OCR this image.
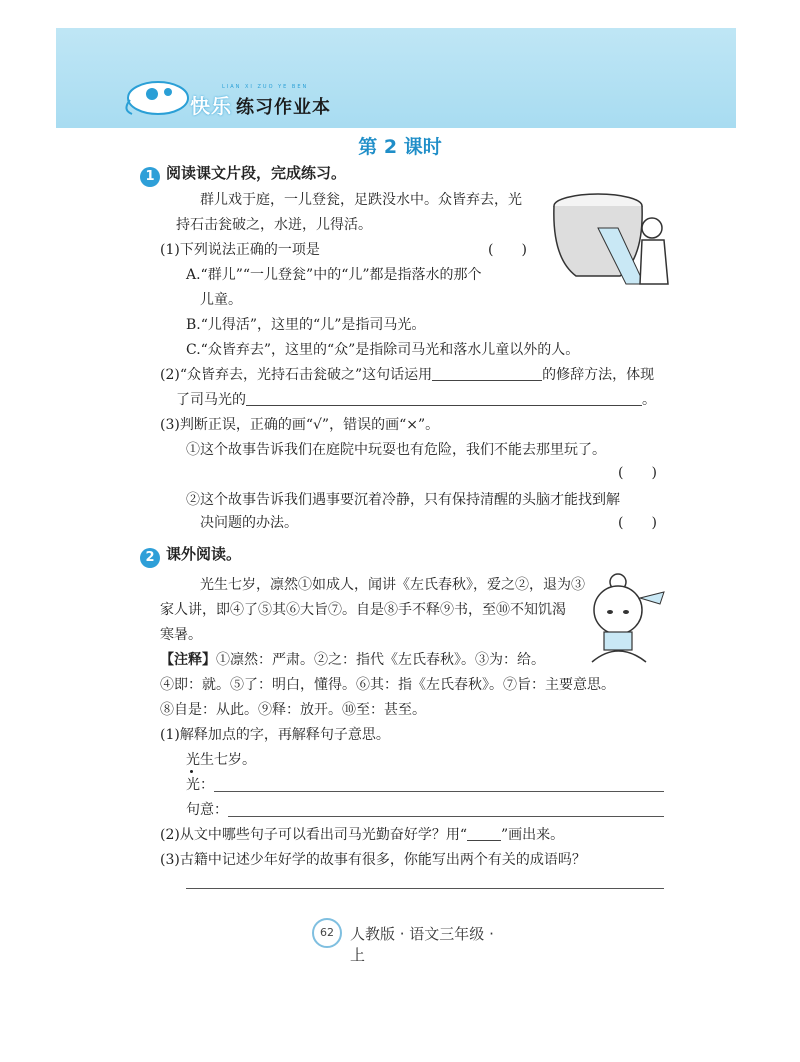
LIAN XI ZUO YE BEN
快乐 练习作业本
第 2 课时
1 阅读课文片段，完成练习。
群儿戏于庭，一儿登瓮，足跌没水中。众皆弃去，光
持石击瓮破之，水迸，儿得活。
(1)下列说法正确的一项是	(　　)
A.“群儿”“一儿登瓮”中的“儿”都是指落水的那个
儿童。
B.“儿得活”，这里的“儿”是指司马光。
C.“众皆弃去”，这里的“众”是指除司马光和落水儿童以外的人。
(2)“众皆弃去，光持石击瓮破之”这句话运用	的修辞方法，体现
了司马光的	。
(3)判断正误，正确的画“√”，错误的画“×”。
①这个故事告诉我们在庭院中玩耍也有危险，我们不能去那里玩了。
(　　)
②这个故事告诉我们遇事要沉着冷静，只有保持清醒的头脑才能找到解
决问题的办法。	(　　)
2 课外阅读。
光生七岁，凛然①如成人，闻讲《左氏春秋》，爱之②，退为③
家人讲，即④了⑤其⑥大旨⑦。自是⑧手不释⑨书，至⑩不知饥渴
寒暑。
【注释】①凛然：严肃。②之：指代《左氏春秋》。③为：给。
④即：就。⑤了：明白，懂得。⑥其：指《左氏春秋》。⑦旨：主要意思。
⑧自是：从此。⑨释：放开。⑩至：甚至。
(1)解释加点的字，再解释句子意思。
光生七岁。
光：
句意：
(2)从文中哪些句子可以看出司马光勤奋好学？用“ ”画出来。
(3)古籍中记述少年好学的故事有很多，你能写出两个有关的成语吗？
62	人教版 · 语文三年级 · 上
